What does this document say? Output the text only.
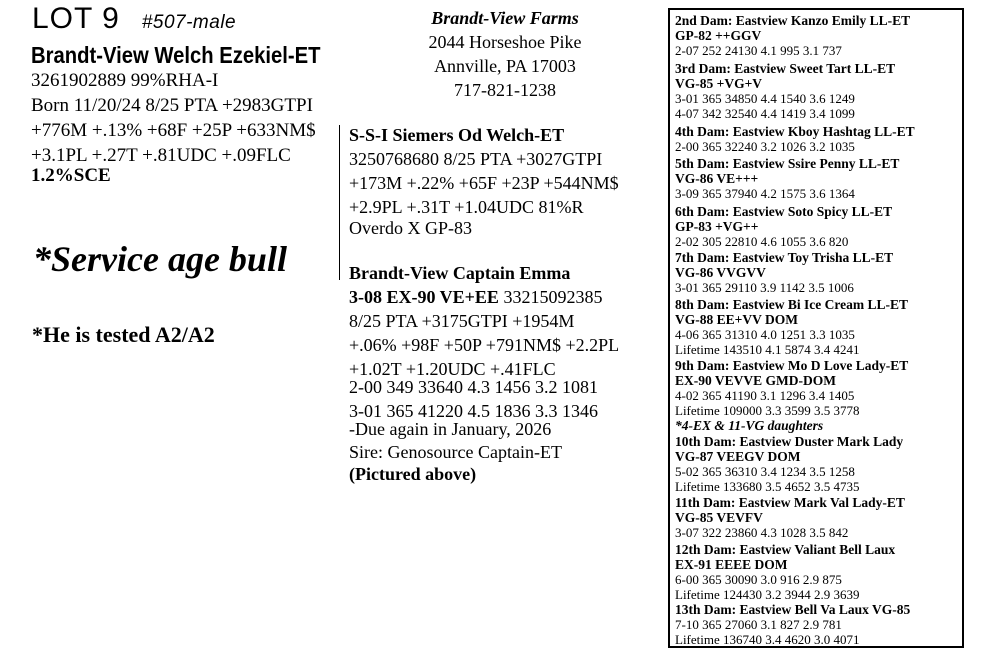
LOT 9 #507-male
Brandt-View Welch Ezekiel-ET
3261902889 99%RHA-I
Born 11/20/24 8/25 PTA +2983GTPI
+776M +.13% +68F +25P +633NM$
+3.1PL +.27T +.81UDC +.09FLC
1.2%SCE
*Service age bull
*He is tested A2/A2
Brandt-View Farms
2044 Horseshoe Pike
Annville, PA 17003
717-821-1238
S-S-I Siemers Od Welch-ET
3250768680 8/25 PTA +3027GTPI
+173M +.22% +65F +23P +544NM$
+2.9PL +.31T +1.04UDC 81%R
Overdo X GP-83
Brandt-View Captain Emma
3-08 EX-90 VE+EE 33215092385
8/25 PTA +3175GTPI +1954M
+.06% +98F +50P +791NM$ +2.2PL
+1.02T +1.20UDC +.41FLC
2-00 349 33640 4.3 1456 3.2 1081
3-01 365 41220 4.5 1836 3.3 1346
-Due again in January, 2026
Sire: Genosource Captain-ET
(Pictured above)
2nd Dam: Eastview Kanzo Emily LL-ET
GP-82 ++GGV
2-07 252 24130 4.1 995 3.1 737
3rd Dam: Eastview Sweet Tart LL-ET
VG-85 +VG+V
3-01 365 34850 4.4 1540 3.6 1249
4-07 342 32540 4.4 1419 3.4 1099
4th Dam: Eastview Kboy Hashtag LL-ET
2-00 365 32240 3.2 1026 3.2 1035
5th Dam: Eastview Ssire Penny LL-ET
VG-86 VE+++
3-09 365 37940 4.2 1575 3.6 1364
6th Dam: Eastview Soto Spicy LL-ET
GP-83 +VG++
2-02 305 22810 4.6 1055 3.6 820
7th Dam: Eastview Toy Trisha LL-ET
VG-86 VVGVV
3-01 365 29110 3.9 1142 3.5 1006
8th Dam: Eastview Bi Ice Cream LL-ET
VG-88 EE+VV DOM
4-06 365 31310 4.0 1251 3.3 1035
Lifetime 143510 4.1 5874 3.4 4241
9th Dam: Eastview Mo D Love Lady-ET
EX-90 VEVVE GMD-DOM
4-02 365 41190 3.1 1296 3.4 1405
Lifetime 109000 3.3 3599 3.5 3778
*4-EX & 11-VG daughters
10th Dam: Eastview Duster Mark Lady
VG-87 VEEGV DOM
5-02 365 36310 3.4 1234 3.5 1258
Lifetime 133680 3.5 4652 3.5 4735
11th Dam: Eastview Mark Val Lady-ET
VG-85 VEVFV
3-07 322 23860 4.3 1028 3.5 842
12th Dam: Eastview Valiant Bell Laux
EX-91 EEEE DOM
6-00 365 30090 3.0 916 2.9 875
Lifetime 124430 3.2 3944 2.9 3639
13th Dam: Eastview Bell Va Laux VG-85
7-10 365 27060 3.1 827 2.9 781
Lifetime 136740 3.4 4620 3.0 4071
